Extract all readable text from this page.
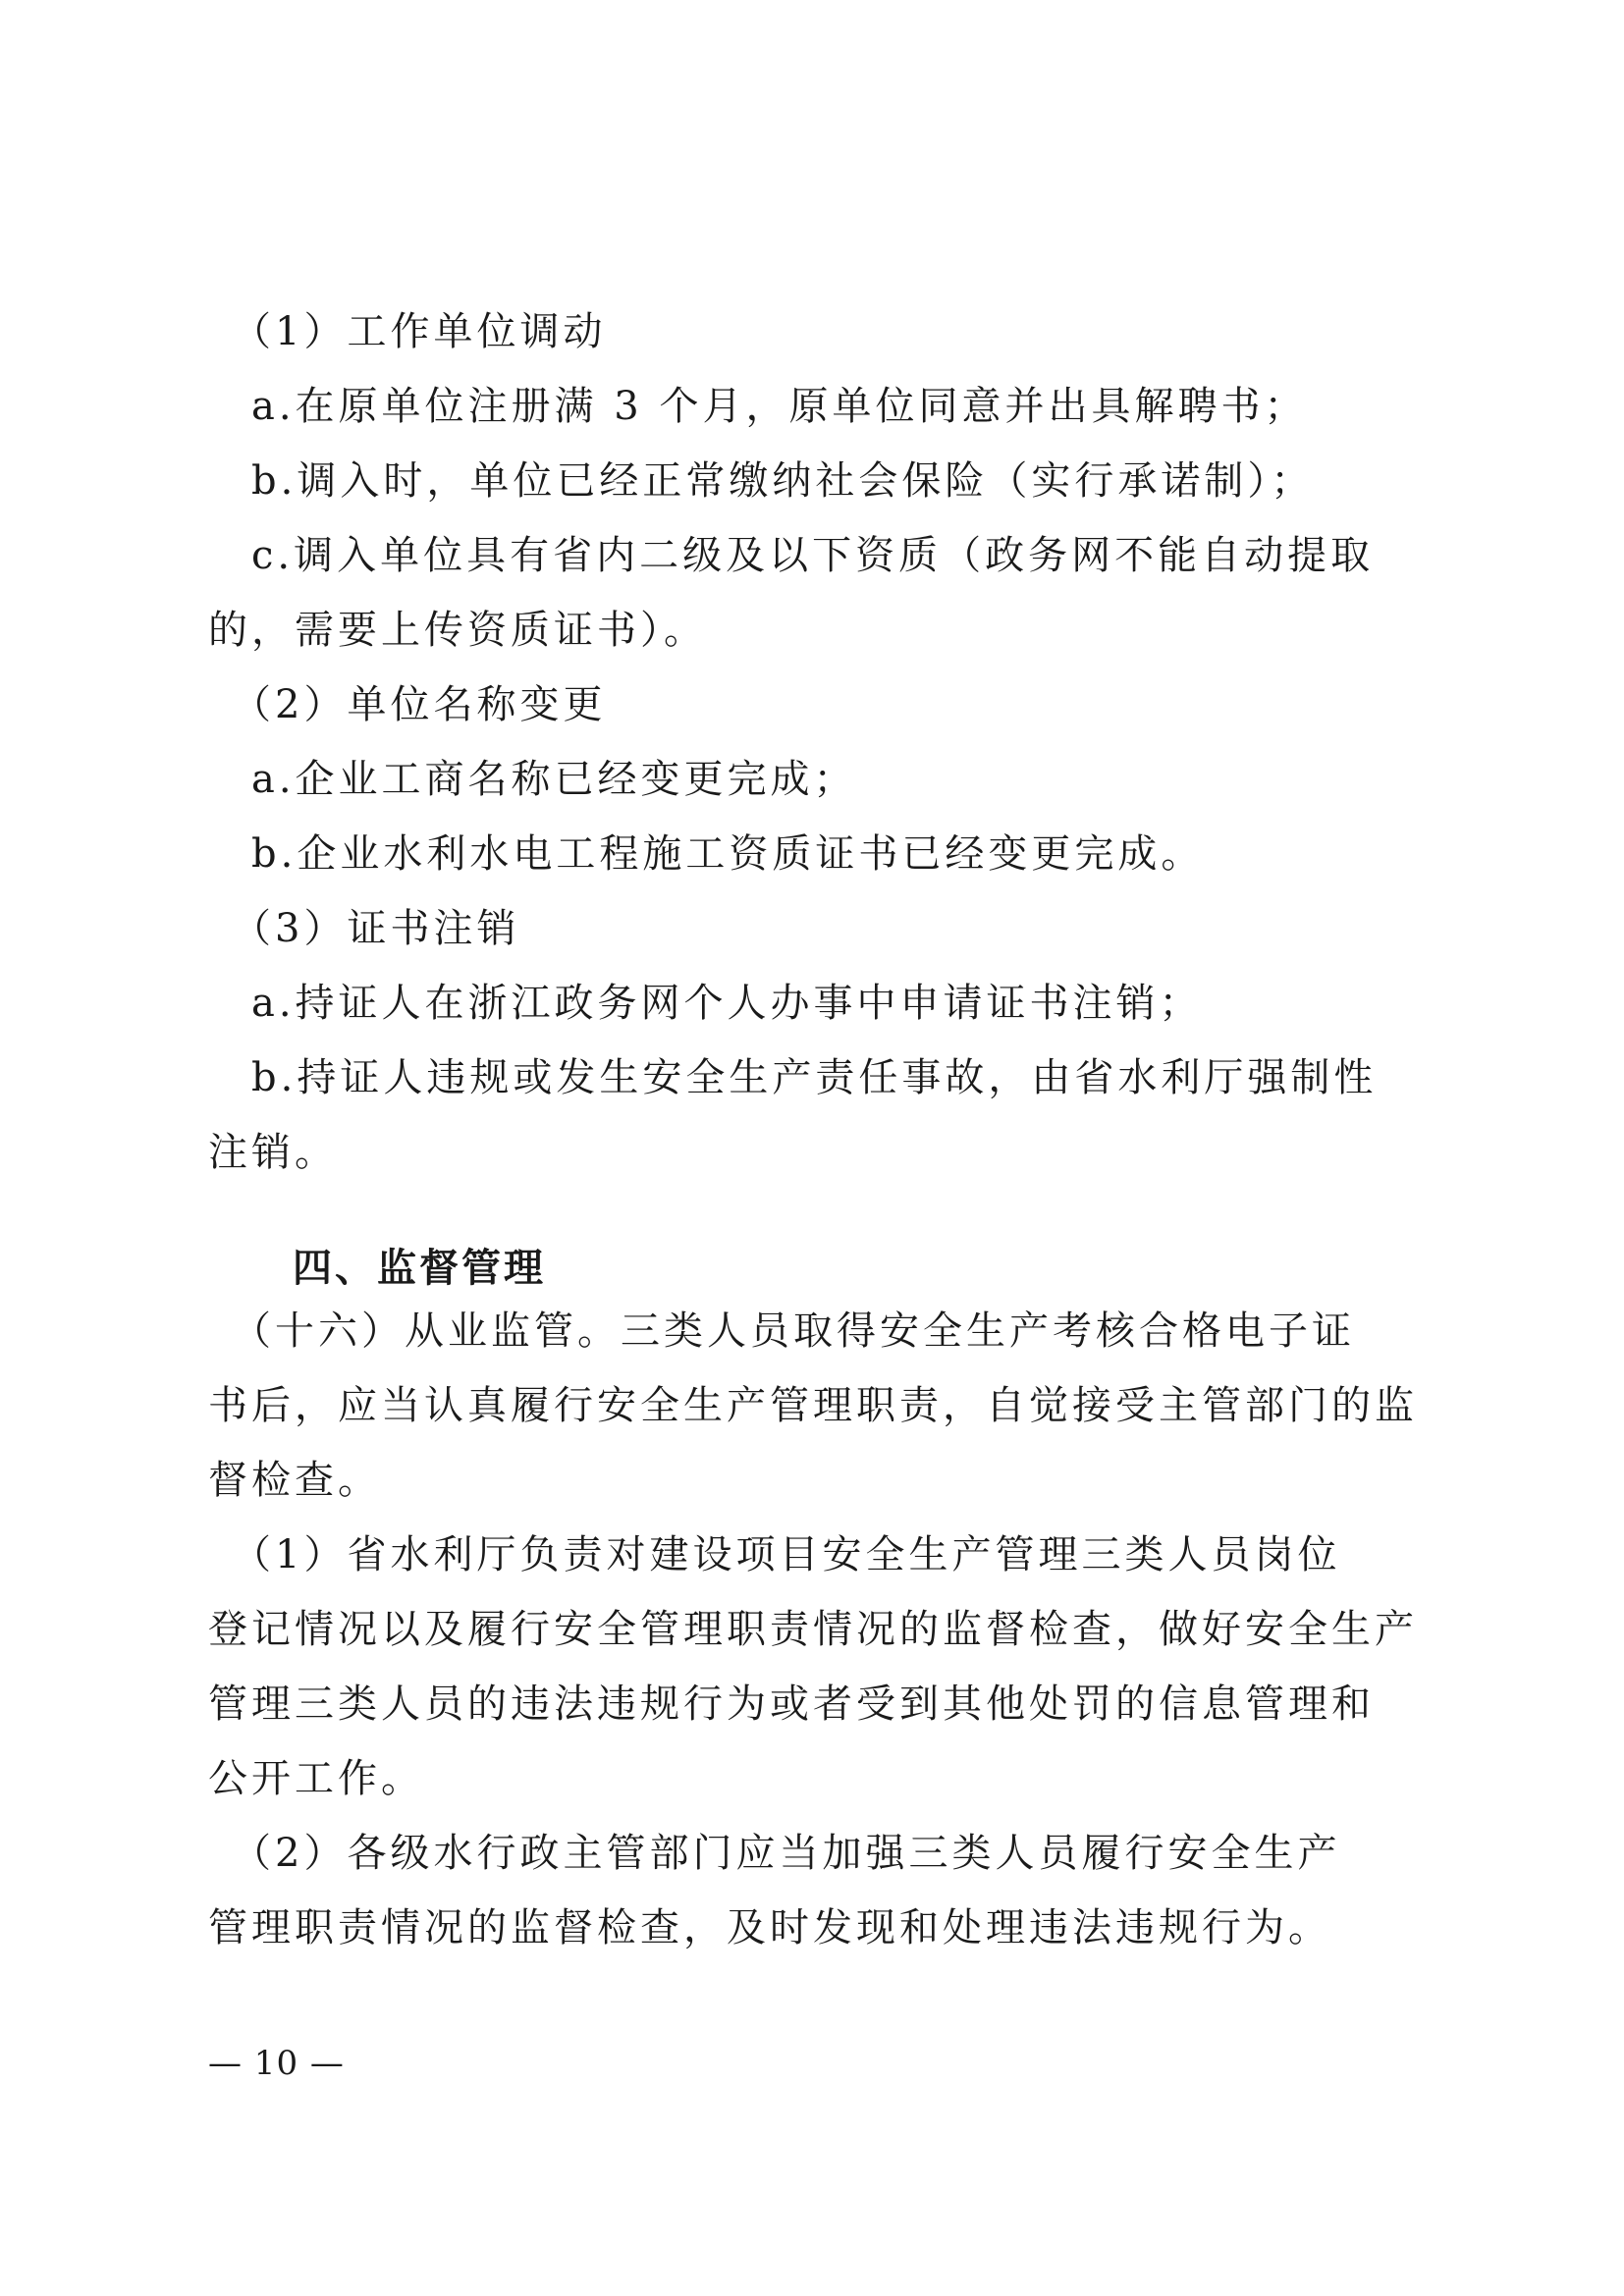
　（1）工作单位调动
　a.在原单位注册满 3 个月，原单位同意并出具解聘书；
　b.调入时，单位已经正常缴纳社会保险（实行承诺制）；
　c.调入单位具有省内二级及以下资质（政务网不能自动提取
的，需要上传资质证书）。
　（2）单位名称变更
　a.企业工商名称已经变更完成；
　b.企业水利水电工程施工资质证书已经变更完成。
　（3）证书注销
　a.持证人在浙江政务网个人办事中申请证书注销；
　b.持证人违规或发生安全生产责任事故，由省水利厅强制性
注销。
四、监督管理
　（十六）从业监管。三类人员取得安全生产考核合格电子证
书后，应当认真履行安全生产管理职责，自觉接受主管部门的监
督检查。
　（1）省水利厅负责对建设项目安全生产管理三类人员岗位
登记情况以及履行安全管理职责情况的监督检查，做好安全生产
管理三类人员的违法违规行为或者受到其他处罚的信息管理和
公开工作。
　（2）各级水行政主管部门应当加强三类人员履行安全生产
管理职责情况的监督检查，及时发现和处理违法违规行为。
— 10 —
